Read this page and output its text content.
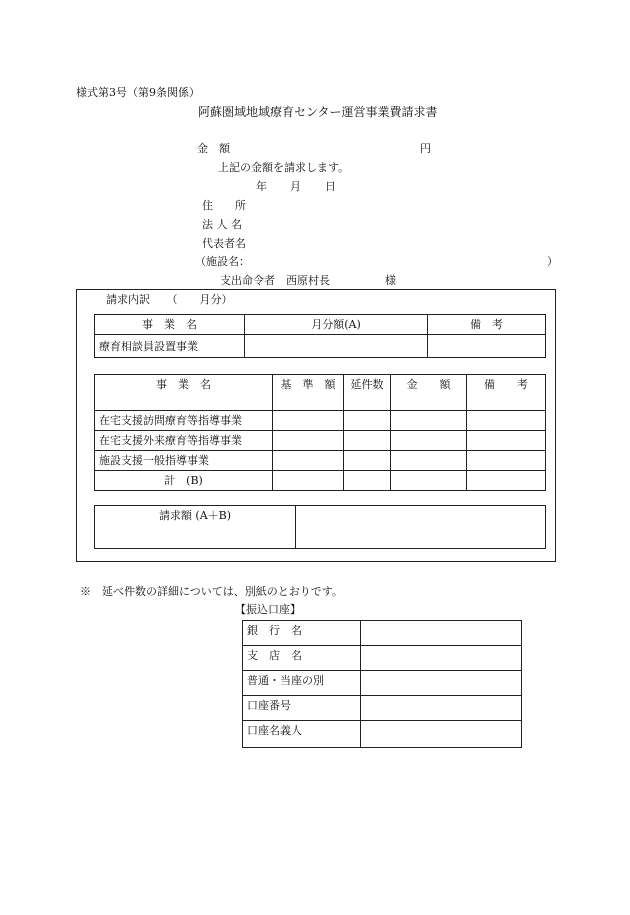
様式第3号（第9条関係）
阿蘇圏域地域療育センター運営事業費請求書
金　額	円
上記の金額を請求します。
年 月 日
住　　所
法 人 名
代表者名
（施設名：	）
支出命令者　西原村長	様
請求内訳　　（　　月分）
事　業　名	月分額(A)	備　考
療育相談員設置事業		
事　業　名	基　準　額	延件数	金　　額	備　　考
在宅支援訪問療育等指導事業				
在宅支援外来療育等指導事業				
施設支援一般指導事業				
計　(B)				
請求額 (A＋B)	
※　延べ件数の詳細については、別紙のとおりです。
【振込口座】
銀　行　名	
支　店　名	
普通・当座の別	
口座番号	
口座名義人	
